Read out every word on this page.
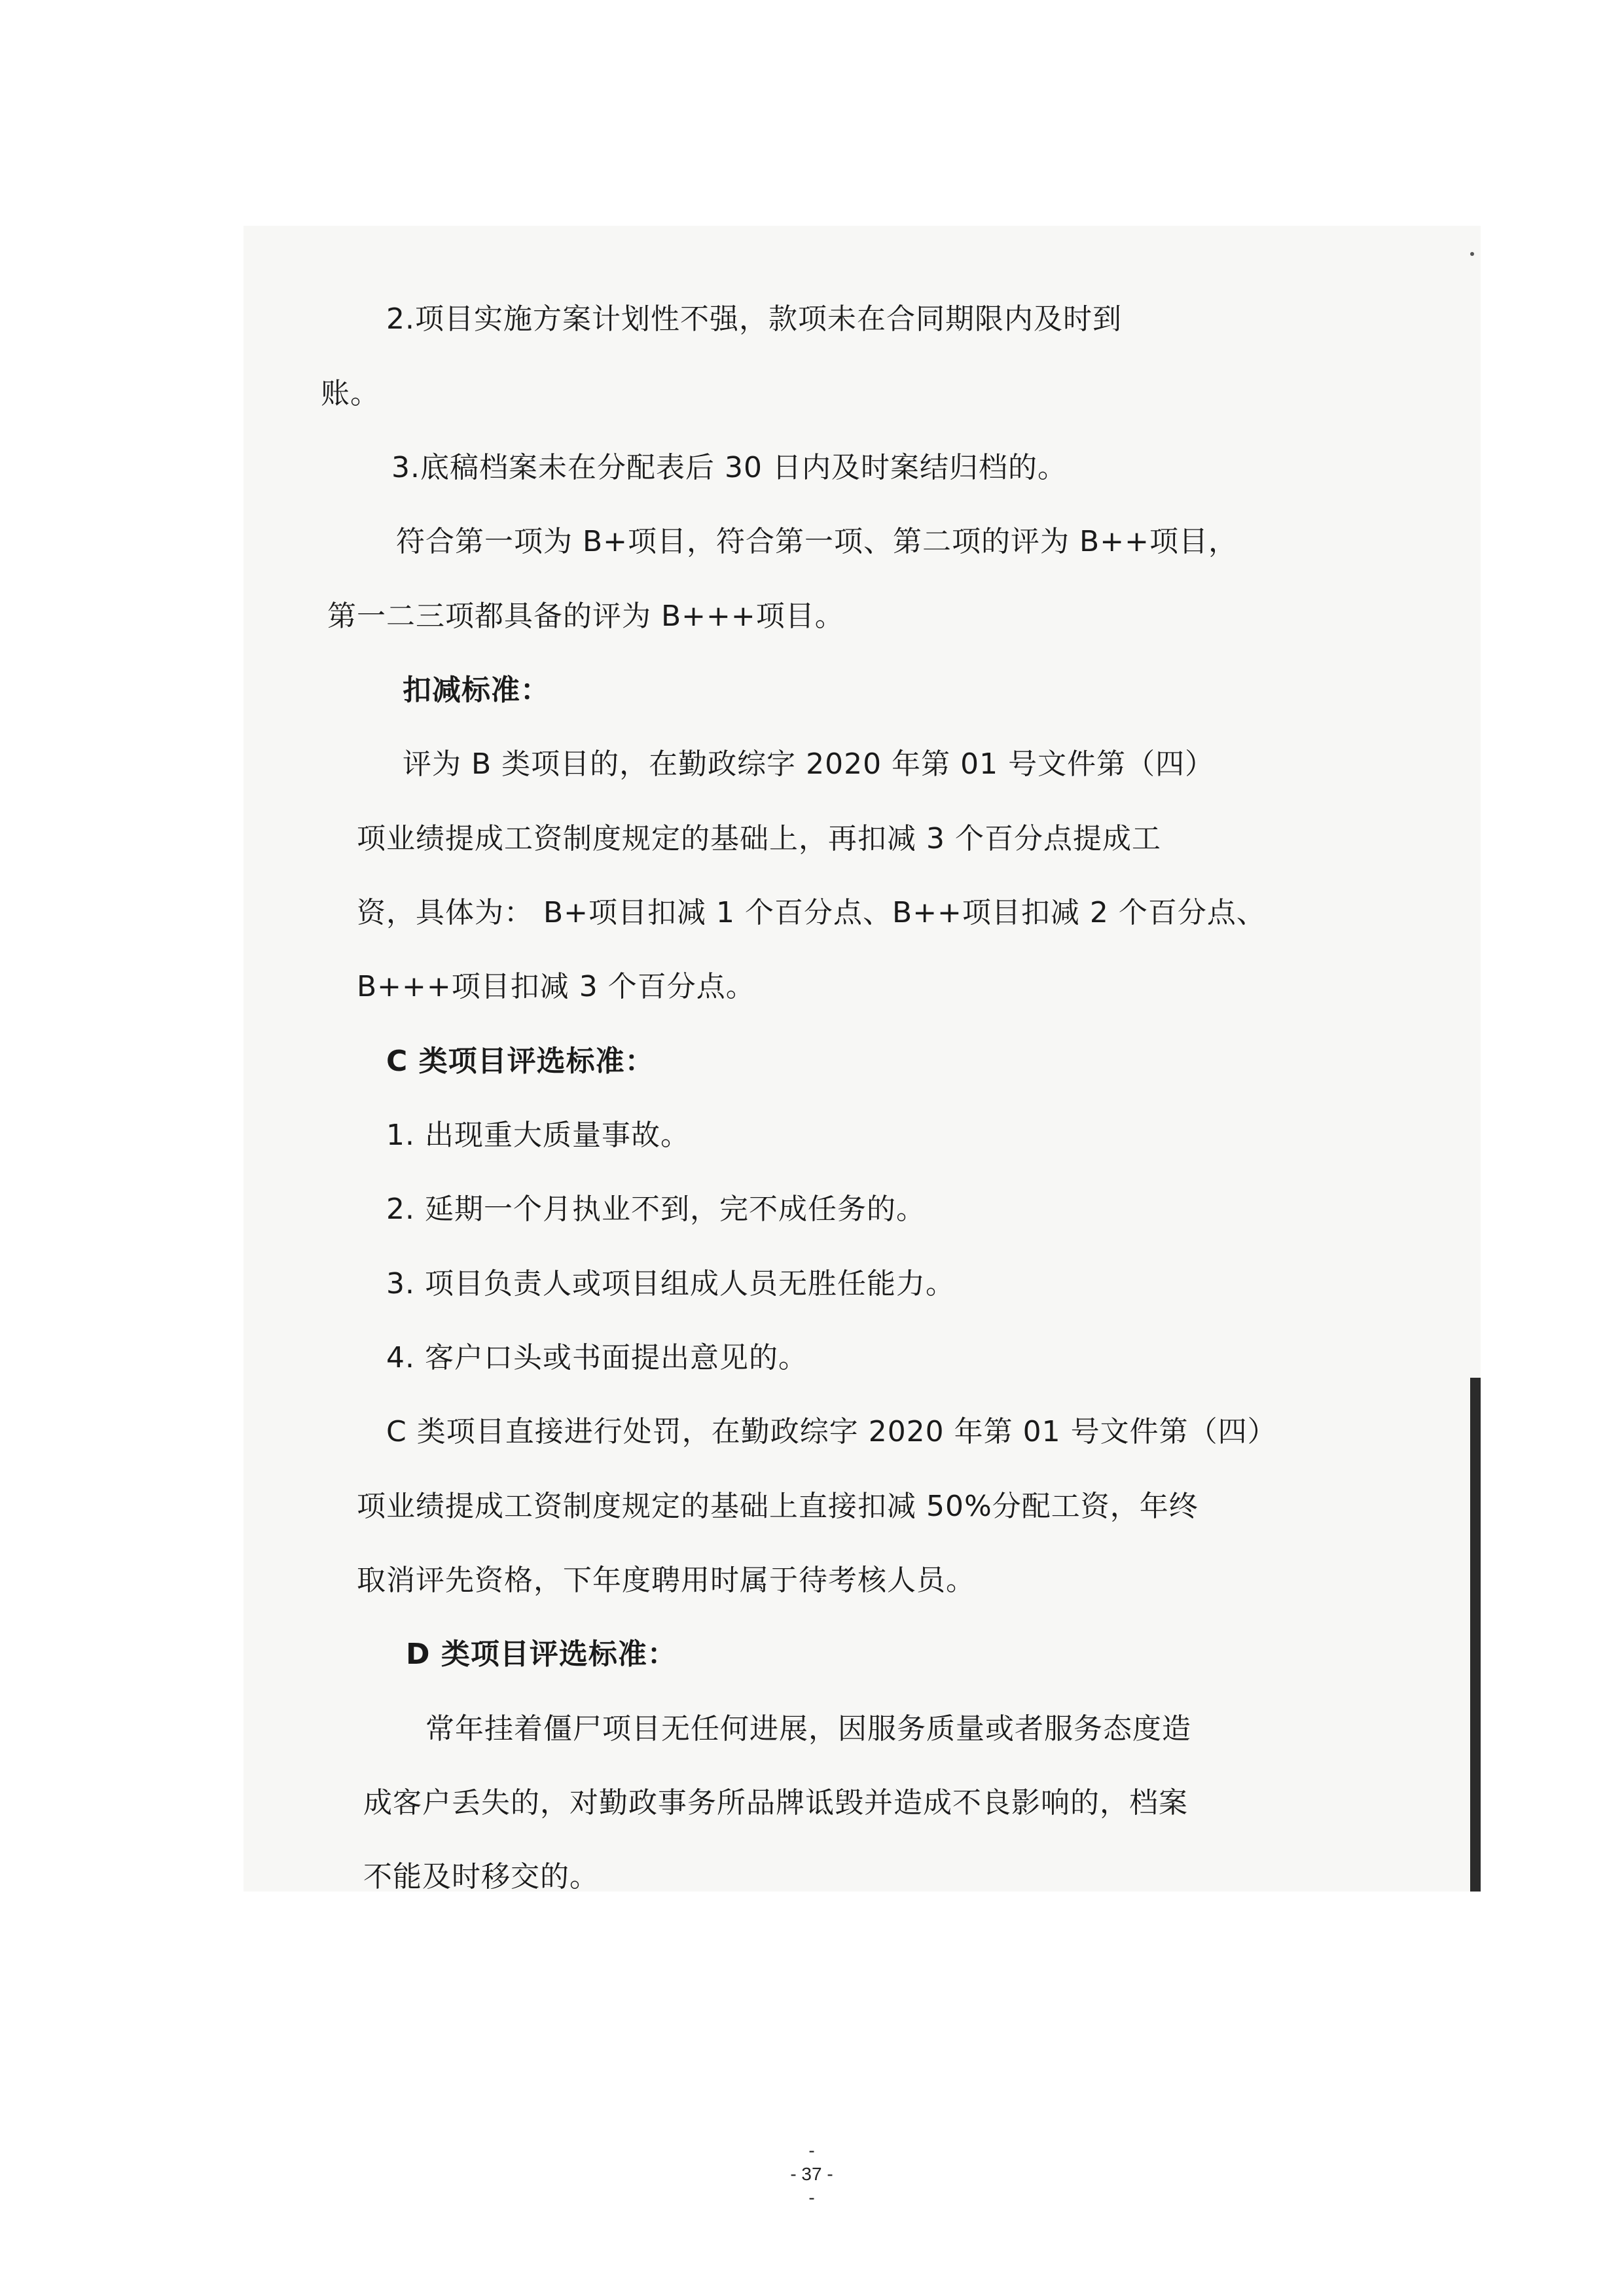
2.项目实施方案计划性不强，款项未在合同期限内及时到
账。
3.底稿档案未在分配表后 30 日内及时案结归档的。
符合第一项为 B+项目，符合第一项、第二项的评为 B++项目，
第一二三项都具备的评为 B+++项目。
扣减标准：
评为 B 类项目的，在勤政综字 2020 年第 01 号文件第（四）
项业绩提成工资制度规定的基础上，再扣减 3 个百分点提成工
资，具体为： B+项目扣减 1 个百分点、B++项目扣减 2 个百分点、
B+++项目扣减 3 个百分点。
C 类项目评选标准：
1. 出现重大质量事故。
2. 延期一个月执业不到，完不成任务的。
3. 项目负责人或项目组成人员无胜任能力。
4. 客户口头或书面提出意见的。
C 类项目直接进行处罚，在勤政综字 2020 年第 01 号文件第（四）
项业绩提成工资制度规定的基础上直接扣减 50%分配工资，年终
取消评先资格，下年度聘用时属于待考核人员。
D 类项目评选标准：
常年挂着僵尸项目无任何进展，因服务质量或者服务态度造
成客户丢失的，对勤政事务所品牌诋毁并造成不良影响的，档案
不能及时移交的。
-
- 37 -
-
